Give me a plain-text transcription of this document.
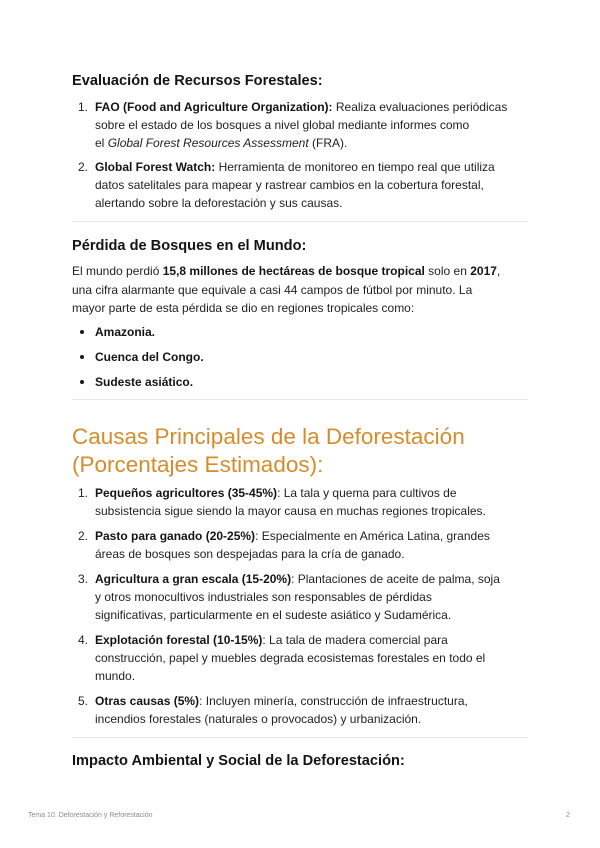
Evaluación de Recursos Forestales:
1. FAO (Food and Agriculture Organization): Realiza evaluaciones periódicas
sobre el estado de los bosques a nivel global mediante informes como
el Global Forest Resources Assessment (FRA).
2. Global Forest Watch: Herramienta de monitoreo en tiempo real que utiliza
datos satelitales para mapear y rastrear cambios en la cobertura forestal,
alertando sobre la deforestación y sus causas.
Pérdida de Bosques en el Mundo:

El mundo perdió 15,8 millones de hectáreas de bosque tropical solo en 2017,
una cifra alarmante que equivale a casi 44 campos de fútbol por minuto. La
mayor parte de esta pérdida se dio en regiones tropicales como:

Amazonia.
Cuenca del Congo.
Sudeste asiático.
Causas Principales de la Deforestación
(Porcentajes Estimados):
1. Pequeños agricultores (35-45%): La tala y quema para cultivos de
subsistencia sigue siendo la mayor causa en muchas regiones tropicales.
2. Pasto para ganado (20-25%): Especialmente en América Latina, grandes
áreas de bosques son despejadas para la cría de ganado.
3. Agricultura a gran escala (15-20%): Plantaciones de aceite de palma, soja
y otros monocultivos industriales son responsables de pérdidas
significativas, particularmente en el sudeste asiático y Sudamérica.
4. Explotación forestal (10-15%): La tala de madera comercial para
construcción, papel y muebles degrada ecosistemas forestales en todo el
mundo.
5. Otras causas (5%): Incluyen minería, construcción de infraestructura,
incendios forestales (naturales o provocados) y urbanización.
Impacto Ambiental y Social de la Deforestación:
Tema 10. Deforestación y Reforestación	2
